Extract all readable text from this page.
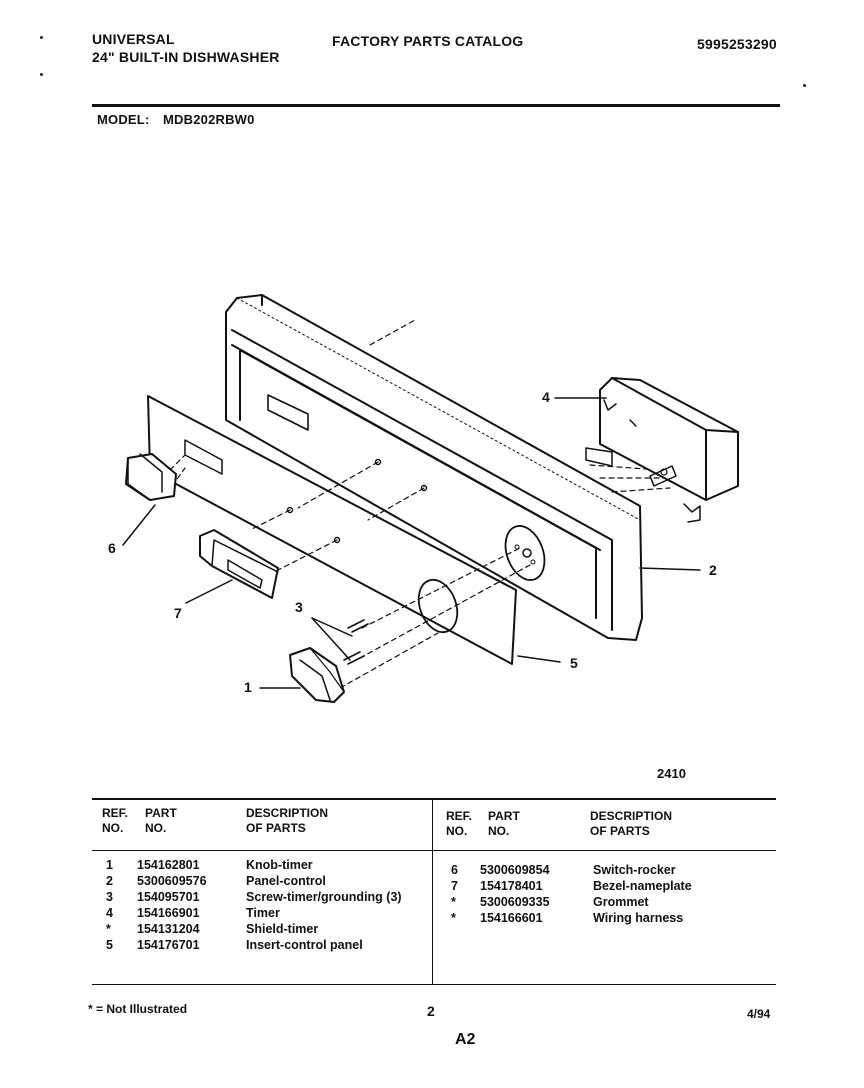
UNIVERSAL
24" BUILT-IN DISHWASHER
FACTORY PARTS CATALOG	5995253290
MODEL: MDB202RBW0
4
6
2
3
7
5
1
2410
REF.
NO.
PART
NO.
DESCRIPTION
OF PARTS
REF.
NO.
PART
NO.
DESCRIPTION
OF PARTS
1 154162801	Knob-timer
2 5300609576	Panel-control
3 154095701	Screw-timer/grounding (3)
4 154166901	Timer
* 154131204	Shield-timer
5 154176701	Insert-control panel
6 5300609854	Switch-rocker
7 154178401	Bezel-nameplate
* 5300609335	Grommet
* 154166601	Wiring harness
* = Not Illustrated	2	4/94
A2
